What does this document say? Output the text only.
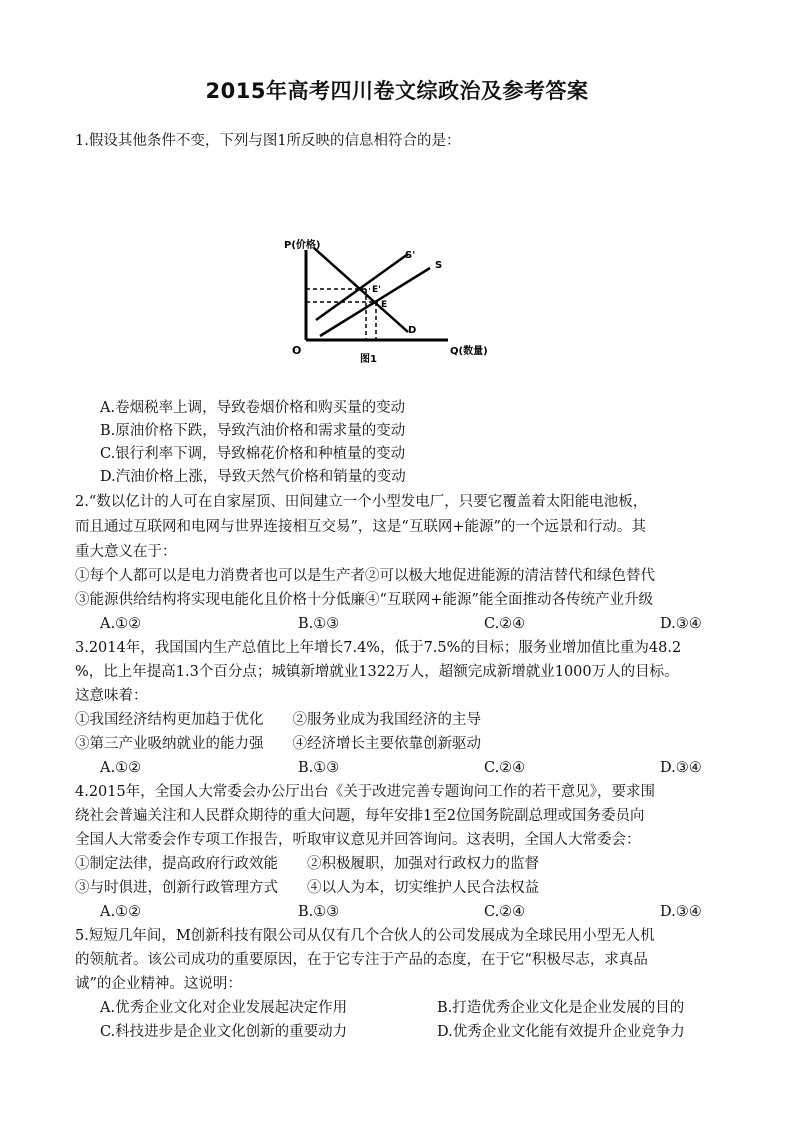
2015年高考四川卷文综政治及参考答案
1.假设其他条件不变，下列与图1所反映的信息相符合的是：
P(价格)
O	Q(数量)
图1
S'
S
E'
E
D
A.卷烟税率上调，导致卷烟价格和购买量的变动
B.原油价格下跌，导致汽油价格和需求量的变动
C.银行利率下调，导致棉花价格和种植量的变动
D.汽油价格上涨，导致天然气价格和销量的变动
2.“数以亿计的人可在自家屋顶、田间建立一个小型发电厂，只要它覆盖着太阳能电池板，
而且通过互联网和电网与世界连接相互交易”，这是“互联网+能源”的一个远景和行动。其
重大意义在于：
①每个人都可以是电力消费者也可以是生产者②可以极大地促进能源的清洁替代和绿色替代
③能源供给结构将实现电能化且价格十分低廉④“互联网+能源”能全面推动各传统产业升级
A.①②	B.①③	C.②④	D.③④
3.2014年，我国国内生产总值比上年增长7.4%，低于7.5%的目标；服务业增加值比重为48.2
%，比上年提高1.3个百分点；城镇新增就业1322万人，超额完成新增就业1000万人的目标。
这意味着：
①我国经济结构更加趋于优化　　②服务业成为我国经济的主导
③第三产业吸纳就业的能力强　　④经济增长主要依靠创新驱动
A.①②	B.①③	C.②④	D.③④
4.2015年，全国人大常委会办公厅出台《关于改进完善专题询问工作的若干意见》，要求围
绕社会普遍关注和人民群众期待的重大问题，每年安排1至2位国务院副总理或国务委员向
全国人大常委会作专项工作报告，听取审议意见并回答询问。这表明，全国人大常委会：
①制定法律，提高政府行政效能　　②积极履职，加强对行政权力的监督
③与时俱进，创新行政管理方式　　④以人为本，切实维护人民合法权益
A.①②	B.①③	C.②④	D.③④
5.短短几年间，M创新科技有限公司从仅有几个合伙人的公司发展成为全球民用小型无人机
的领航者。该公司成功的重要原因，在于它专注于产品的态度，在于它“积极尽志，求真品
诚”的企业精神。这说明：
A.优秀企业文化对企业发展起决定作用	B.打造优秀企业文化是企业发展的目的
C.科技进步是企业文化创新的重要动力	D.优秀企业文化能有效提升企业竞争力
